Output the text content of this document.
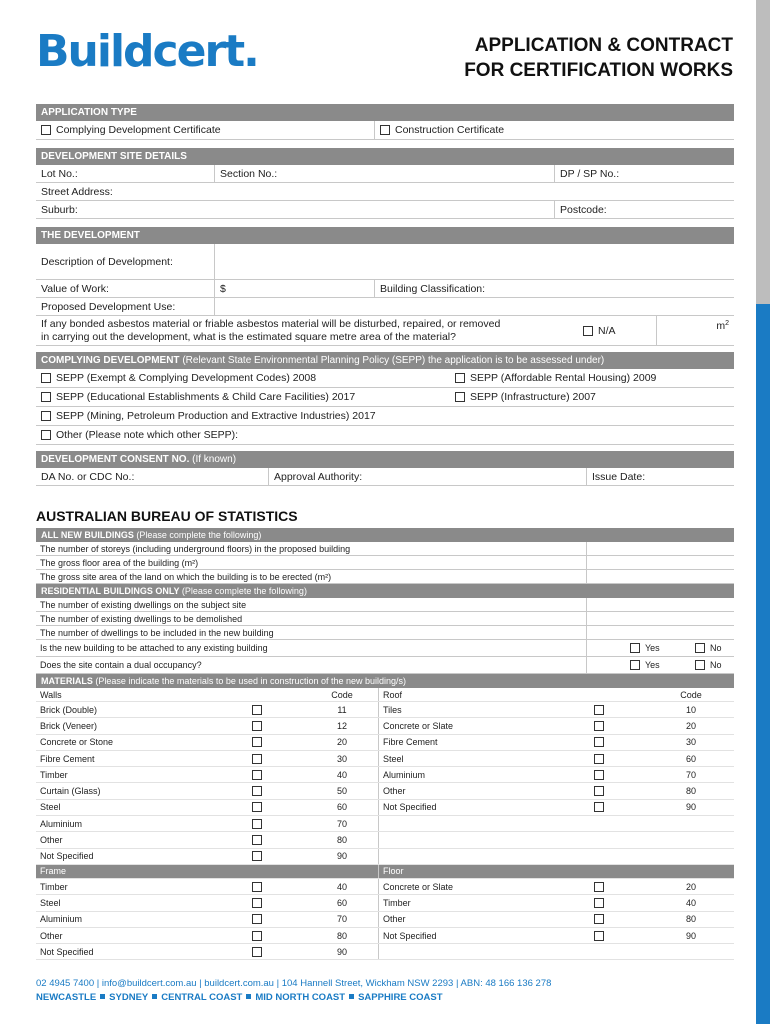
Buildcert.	APPLICATION & CONTRACT
FOR CERTIFICATION WORKS
APPLICATION TYPE
Complying Development Certificate	Construction Certificate
DEVELOPMENT SITE DETAILS
Lot No.:	Section No.:	DP / SP No.:
Street Address:
Suburb:	Postcode:
THE DEVELOPMENT
Description of Development:
Value of Work:	$	Building Classification:
Proposed Development Use:
If any bonded asbestos material or friable asbestos material will be disturbed, repaired, or removed
in carrying out the development, what is the estimated square metre area of the material?	N/A	$m^2$
COMPLYING DEVELOPMENT (Relevant State Environmental Planning Policy (SEPP) the application is to be assessed under)
SEPP (Exempt & Complying Development Codes) 2008	SEPP (Affordable Rental Housing) 2009
SEPP (Educational Establishments & Child Care Facilities) 2017	SEPP (Infrastructure) 2007
SEPP (Mining, Petroleum Production and Extractive Industries) 2017
Other (Please note which other SEPP):
DEVELOPMENT CONSENT NO. (If known)
DA No. or CDC No.:	Approval Authority:	Issue Date:
AUSTRALIAN BUREAU OF STATISTICS
ALL NEW BUILDINGS (Please complete the following)
The number of storeys (including underground floors) in the proposed building
The gross floor area of the building (m²)
The gross site area of the land on which the building is to be erected (m²)
RESIDENTIAL BUILDINGS ONLY (Please complete the following)
The number of existing dwellings on the subject site
The number of existing dwellings to be demolished
The number of dwellings to be included in the new building
Is the new building to be attached to any existing building	Yes	No
Does the site contain a dual occupancy?	Yes	No
MATERIALS (Please indicate the materials to be used in construction of the new building/s)
Walls	Code	Roof	Code
Brick (Double)	11	Tiles	10
Brick (Veneer)	12	Concrete or Slate	20
Concrete or Stone	20	Fibre Cement	30
Fibre Cement	30	Steel	60
Timber	40	Aluminium	70
Curtain (Glass)	50	Other	80
Steel	60	Not Specified	90
Aluminium	70
Other	80
Not Specified	90
Frame	Floor
Timber	40	Concrete or Slate	20
Steel	60	Timber	40
Aluminium	70	Other	80
Other	80	Not Specified	90
Not Specified	90
02 4945 7400 | info@buildcert.com.au | buildcert.com.au | 104 Hannell Street, Wickham NSW 2293 | ABN: 48 166 136 278
NEWCASTLE SYDNEY CENTRAL COAST MID NORTH COAST SAPPHIRE COAST
